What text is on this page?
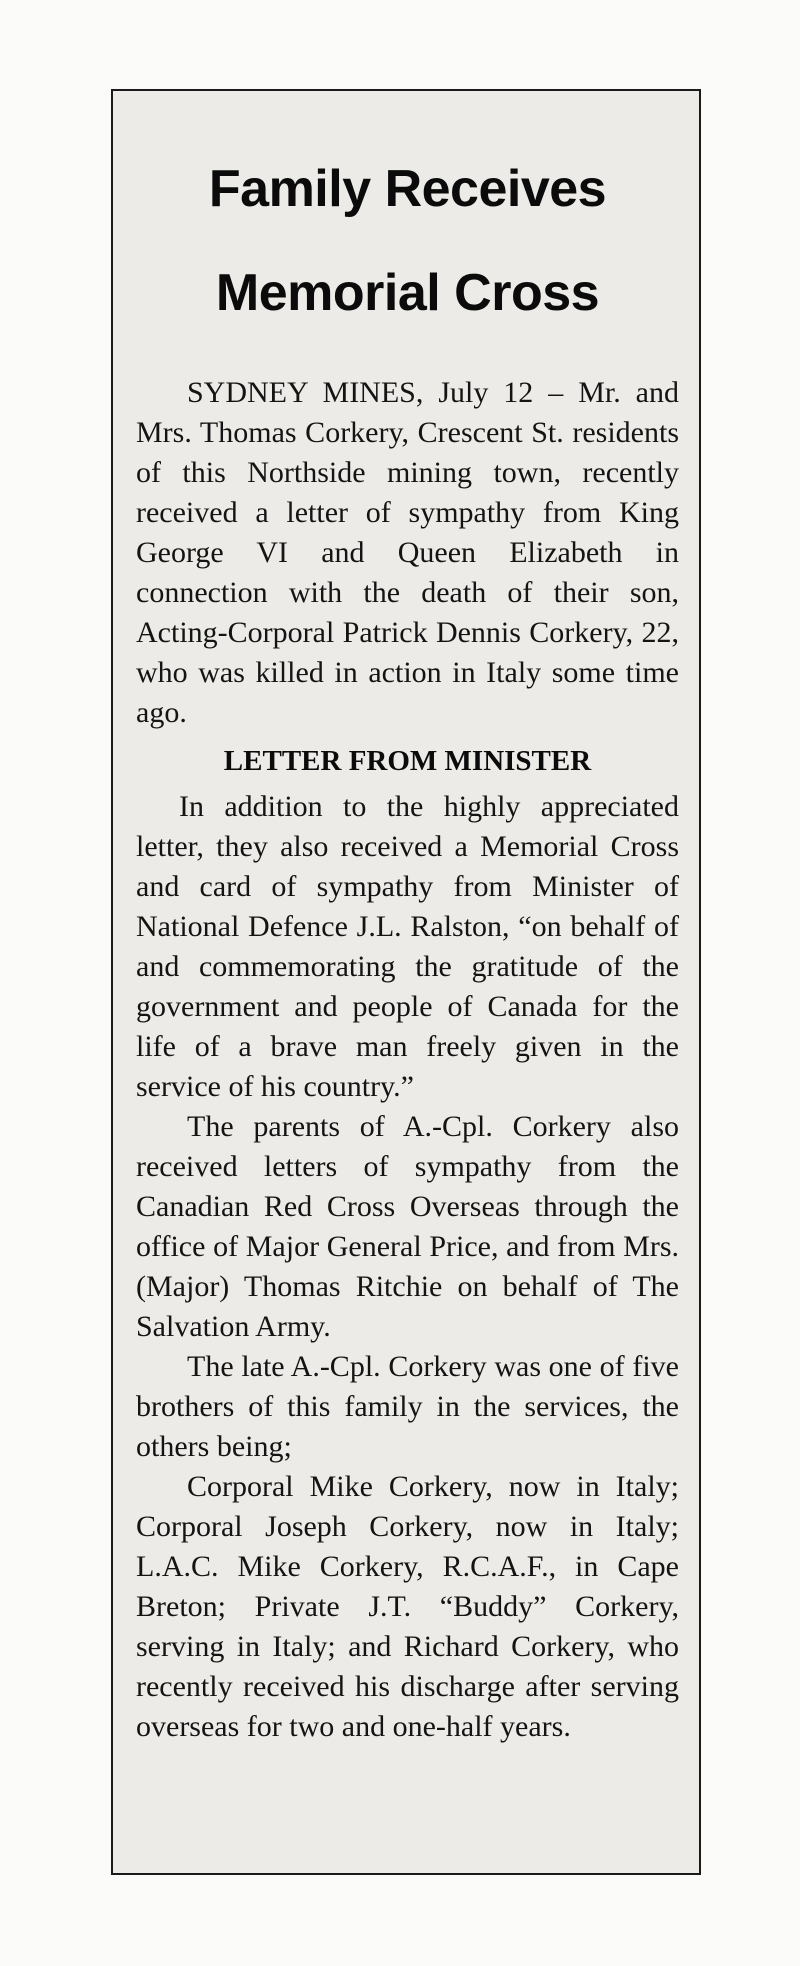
Family Receives
Memorial Cross

SYDNEY MINES, July 12 – Mr. and Mrs. Thomas Corkery, Crescent St. residents of this Northside mining town, recently received a letter of sympathy from King George VI and Queen Elizabeth in connection with the death of their son, Acting-Corporal Patrick Dennis Corkery, 22, who was killed in action in Italy some time ago.

LETTER FROM MINISTER

In addition to the highly appreciated letter, they also received a Memorial Cross and card of sympathy from Minister of National Defence J.L. Ralston, “on behalf of and commemorating the gratitude of the government and people of Canada for the life of a brave man freely given in the service of his country.”

The parents of A.-Cpl. Corkery also received letters of sympathy from the Canadian Red Cross Overseas through the office of Major General Price, and from Mrs. (Major) Thomas Ritchie on behalf of The Salvation Army.

The late A.-Cpl. Corkery was one of five brothers of this family in the services, the others being;

Corporal Mike Corkery, now in Italy; Corporal Joseph Corkery, now in Italy; L.A.C. Mike Corkery, R.C.A.F., in Cape Breton; Private J.T. “Buddy” Corkery, serving in Italy; and Richard Corkery, who recently received his discharge after serving overseas for two and one-half years.
